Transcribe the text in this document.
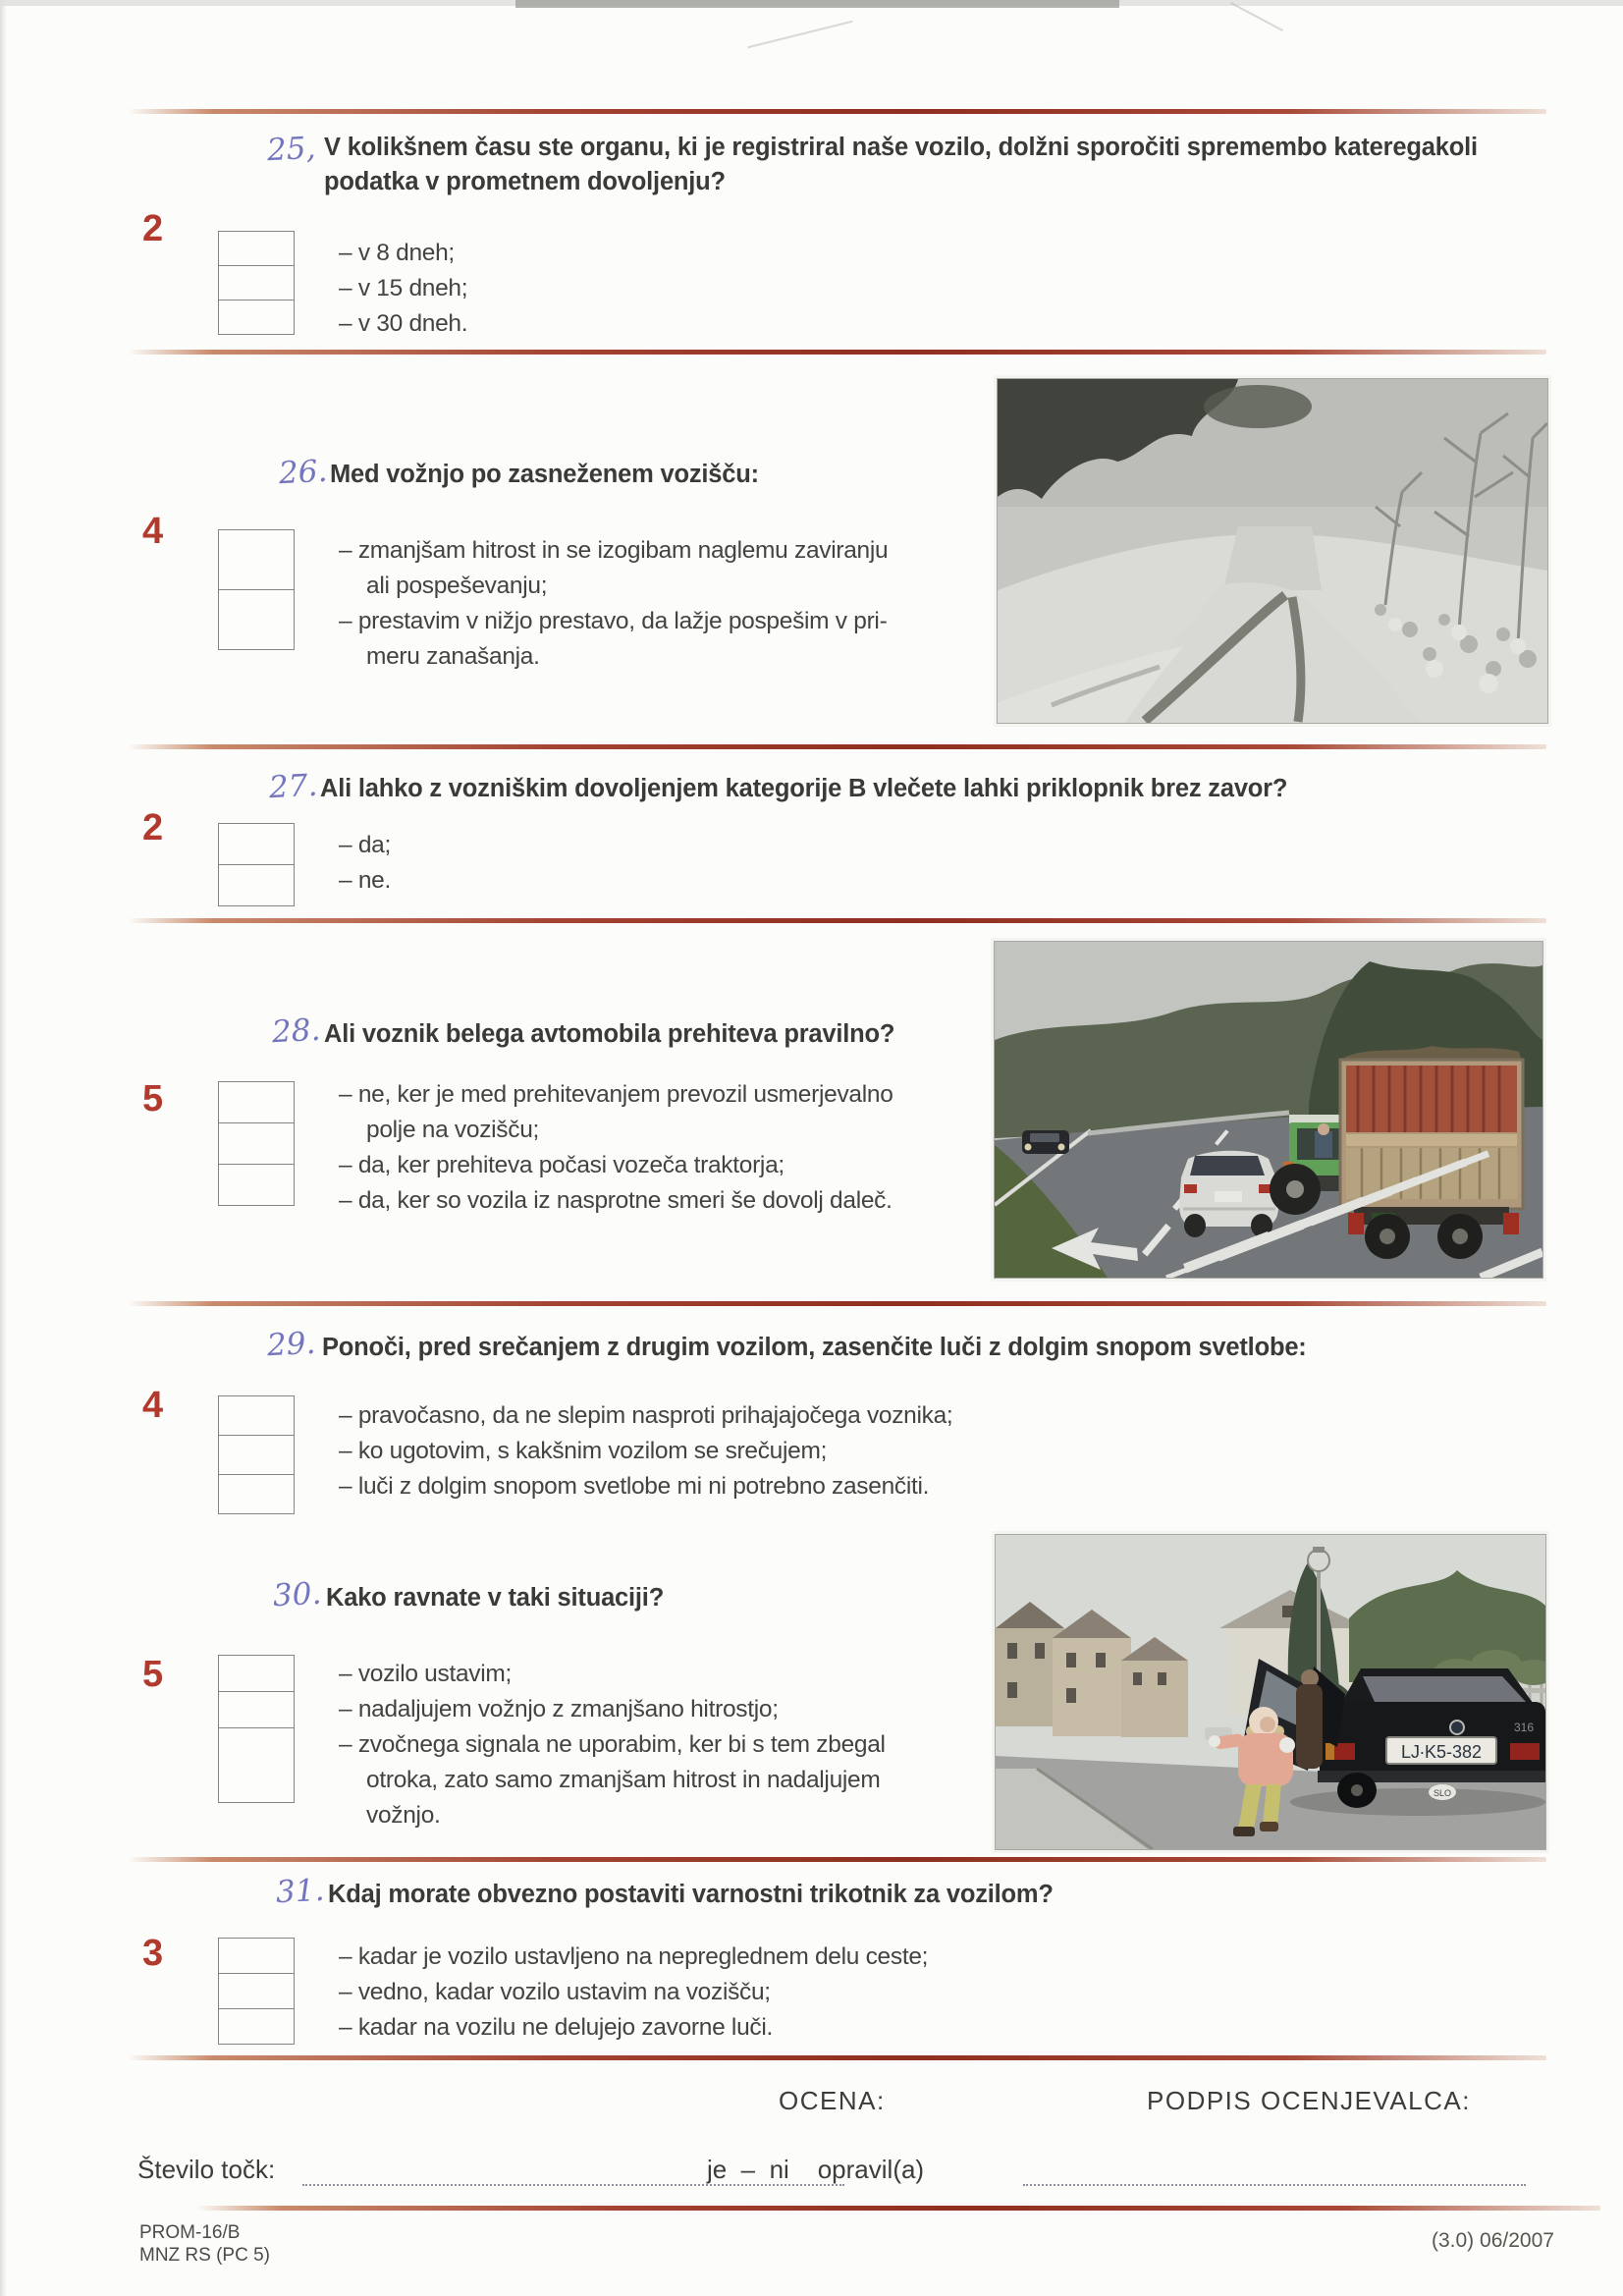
25, V kolikšnem času ste organu, ki je registriral naše vozilo, dolžni sporočiti spremembo kateregakoli
podatka v prometnem dovoljenju?
2
– v 8 dneh;
– v 15 dneh;
– v 30 dneh.
26. Med vožnjo po zasneženem vozišču:
4	– zmanjšam hitrost in se izogibam naglemu zaviranju
ali pospeševanju;
– prestavim v nižjo prestavo, da lažje pospešim v pri-
meru zanašanja.
27. Ali lahko z vozniškim dovoljenjem kategorije B vlečete lahki priklopnik brez zavor?
2	– da;
– ne.
28. Ali voznik belega avtomobila prehiteva pravilno?
5	– ne, ker je med prehitevanjem prevozil usmerjevalno
polje na vozišču;
– da, ker prehiteva počasi vozeča traktorja;
– da, ker so vozila iz nasprotne smeri še dovolj daleč.
29. Ponoči, pred srečanjem z drugim vozilom, zasenčite luči z dolgim snopom svetlobe:
4	– pravočasno, da ne slepim nasproti prihajajočega voznika;
– ko ugotovim, s kakšnim vozilom se srečujem;
– luči z dolgim snopom svetlobe mi ni potrebno zasenčiti.
30. Kako ravnate v taki situaciji?
5	– vozilo ustavim;
– nadaljujem vožnjo z zmanjšano hitrostjo;
– zvočnega signala ne uporabim, ker bi s tem zbegal
otroka, zato samo zmanjšam hitrost in nadaljujem
vožnjo.
31. Kdaj morate obvezno postaviti varnostni trikotnik za vozilom?
3	– kadar je vozilo ustavljeno na nepreglednem delu ceste;
– vedno, kadar vozilo ustavim na vozišču;
– kadar na vozilu ne delujejo zavorne luči.
LJ∙K5-382
316
SLO
OCENA:	PODPIS OCENJEVALCA:
Število točk:	je  –  ni    opravil(a)
PROM-16/B
MNZ RS (PC 5)
(3.0) 06/2007
